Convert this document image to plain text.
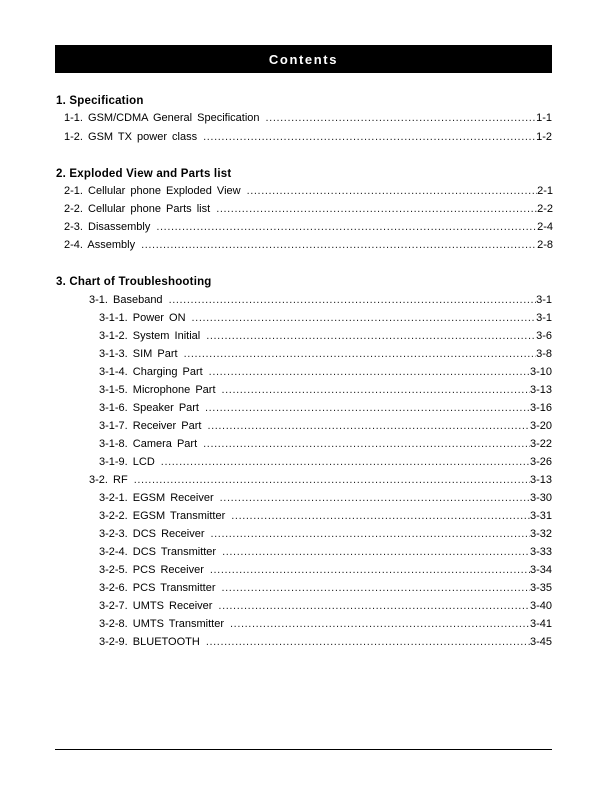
Contents
1. Specification
1-1. GSM/CDMA General Specification .....	1-1
1-2. GSM TX power class .....	1-2
2. Exploded View and Parts list
2-1. Cellular phone Exploded View .....	2-1
2-2. Cellular phone Parts list .....	2-2
2-3. Disassembly .....	2-4
2-4. Assembly .....	2-8
3. Chart of Troubleshooting
3-1. Baseband .....	3-1
3-1-1. Power ON .....	3-1
3-1-2. System Initial .....	3-6
3-1-3. SIM Part .....	3-8
3-1-4. Charging Part .....	3-10
3-1-5. Microphone Part .....	3-13
3-1-6. Speaker Part .....	3-16
3-1-7. Receiver Part .....	3-20
3-1-8. Camera Part .....	3-22
3-1-9. LCD .....	3-26
3-2. RF .....	3-13
3-2-1. EGSM Receiver .....	3-30
3-2-2. EGSM Transmitter .....	3-31
3-2-3. DCS Receiver .....	3-32
3-2-4. DCS Transmitter .....	3-33
3-2-5. PCS Receiver .....	3-34
3-2-6. PCS Transmitter .....	3-35
3-2-7. UMTS Receiver .....	3-40
3-2-8. UMTS Transmitter .....	3-41
3-2-9. BLUETOOTH .....	3-45
